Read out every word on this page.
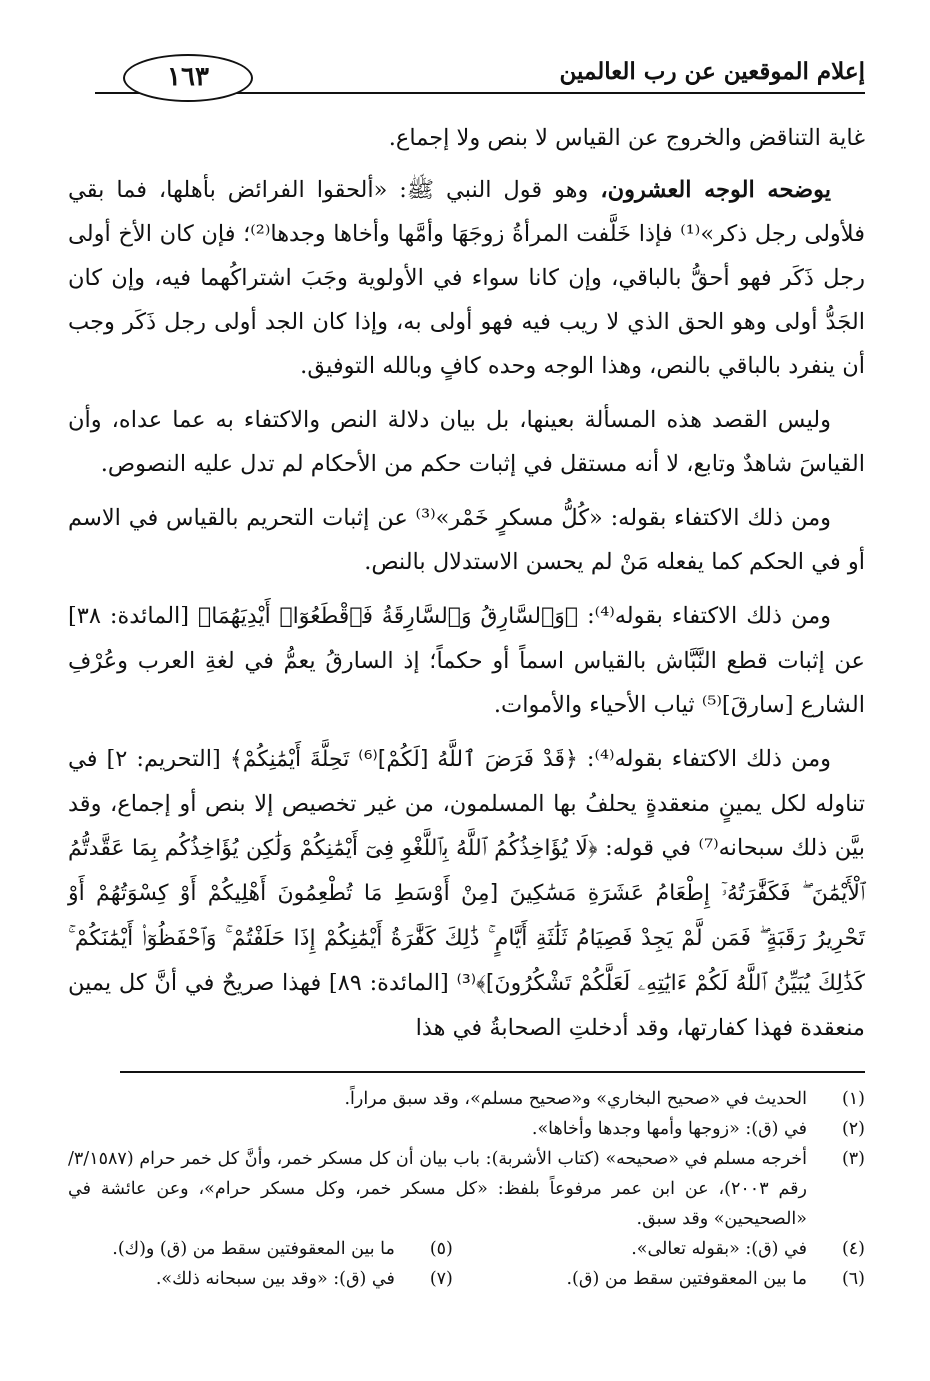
١٦٣	إعلام الموقعين عن رب العالمين

غاية التناقض والخروج عن القياس لا بنص ولا إجماع.

يوضحه الوجه العشرون، وهو قول النبي ﷺ: «ألحقوا الفرائض بأهلها، فما بقي فلأولى رجل ذكر»⁽¹⁾ فإذا خَلَّفت المرأةُ زوجَهَا وأمَّها وأخاها وجدها⁽²⁾؛ فإن كان الأخ أولى رجل ذَكَر فهو أحقُّ بالباقي، وإن كانا سواء في الأولوية وجَبَ اشتراكُهما فيه، وإن كان الجَدُّ أولى وهو الحق الذي لا ريب فيه فهو أولى به، وإذا كان الجد أولى رجل ذَكَر وجب أن ينفرد بالباقي بالنص، وهذا الوجه وحده كافٍ وبالله التوفيق.

وليس القصد هذه المسألة بعينها، بل بيان دلالة النص والاكتفاء به عما عداه، وأن القياسَ شاهدٌ وتابع، لا أنه مستقل في إثبات حكم من الأحكام لم تدل عليه النصوص.

ومن ذلك الاكتفاء بقوله: «كُلُّ مسكرٍ خَمْر»⁽³⁾ عن إثبات التحريم بالقياس في الاسم أو في الحكم كما يفعله مَنْ لم يحسن الاستدلال بالنص.

ومن ذلك الاكتفاء بقوله⁽⁴⁾: ﴿وَٱلسَّارِقُ وَٱلسَّارِقَةُ فَٱقْطَعُوٓا۟ أَيْدِيَهُمَا﴾ [المائدة: ٣٨] عن إثبات قطع النَّبَّاش بالقياس اسماً أو حكماً؛ إذ السارقُ يعمُّ في لغةِ العرب وعُرْفِ الشارع [سارقَ]⁽⁵⁾ ثياب الأحياء والأموات.

ومن ذلك الاكتفاء بقوله⁽⁴⁾: ﴿قَدْ فَرَضَ ٱللَّهُ [لَكُمْ]⁽⁶⁾ تَحِلَّةَ أَيْمَٰنِكُمْ﴾ [التحريم: ٢] في تناوله لكل يمينٍ منعقدةٍ يحلفُ بها المسلمون، من غير تخصيص إلا بنص أو إجماع، وقد بيَّن ذلك سبحانه⁽⁷⁾ في قوله: ﴿لَا يُؤَاخِذُكُمُ ٱللَّهُ بِٱللَّغْوِ فِىٓ أَيْمَٰنِكُمْ وَلَٰكِن يُؤَاخِذُكُم بِمَا عَقَّدتُّمُ ٱلْأَيْمَٰنَ ۖ فَكَفَّٰرَتُهُۥٓ إِطْعَامُ عَشَرَةِ مَسَٰكِينَ [مِنْ أَوْسَطِ مَا تُطْعِمُونَ أَهْلِيكُمْ أَوْ كِسْوَتُهُمْ أَوْ تَحْرِيرُ رَقَبَةٍ ۖ فَمَن لَّمْ يَجِدْ فَصِيَامُ ثَلَٰثَةِ أَيَّامٍ ۚ ذَٰلِكَ كَفَّٰرَةُ أَيْمَٰنِكُمْ إِذَا حَلَفْتُمْ ۚ وَٱحْفَظُوٓا۟ أَيْمَٰنَكُمْ ۚ كَذَٰلِكَ يُبَيِّنُ ٱللَّهُ لَكُمْ ءَايَٰتِهِۦ لَعَلَّكُمْ تَشْكُرُونَ]﴾⁽³⁾ [المائدة: ٨٩] فهذا صريحٌ في أنَّ كل يمين منعقدة فهذا كفارتها، وقد أدخلتِ الصحابةُ في هذا

(١)
الحديث في «صحيح البخاري» و«صحيح مسلم»، وقد سبق مراراً.
(٢)
في (ق): «زوجها وأمها وجدها وأخاها».
(٣)
أخرجه مسلم في «صحيحه» (كتاب الأشربة): باب بيان أن كل مسكر خمر، وأنَّ كل خمر حرام (٣/١٥٨٧/رقم ٢٠٠٣)، عن ابن عمر مرفوعاً بلفظ: «كل مسكر خمر، وكل مسكر حرام»، وعن عائشة في «الصحيحين» وقد سبق.
(٤)
في (ق): «بقوله تعالى».
(٥)
ما بين المعقوفتين سقط من (ق) و(ك).
(٦)
ما بين المعقوفتين سقط من (ق).
(٧)
في (ق): «وقد بين سبحانه ذلك».
